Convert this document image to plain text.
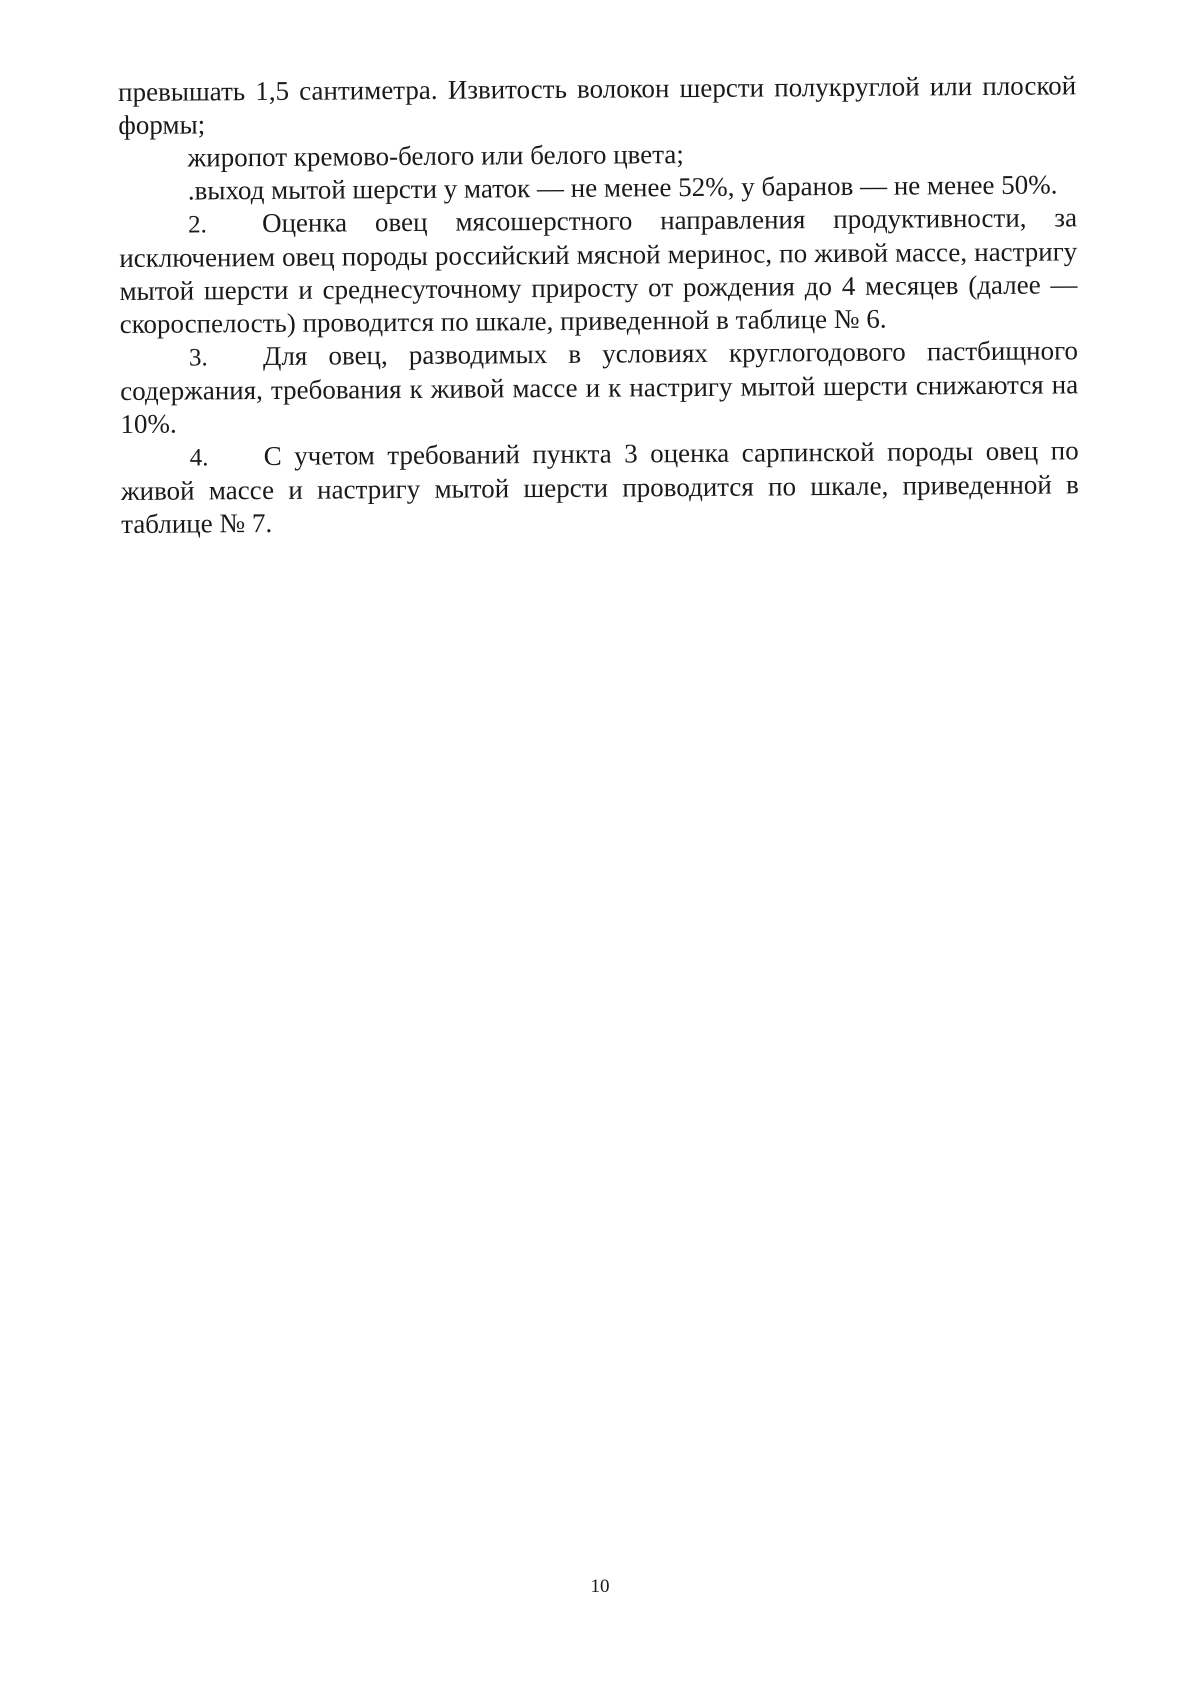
превышать 1,5 сантиметра. Извитость волокон шерсти полукруглой или плоской формы;

жиропот кремово-белого или белого цвета;

.выход мытой шерсти у маток — не менее 52%, у баранов — не менее 50%.

2. Оценка овец мясошерстного направления продуктивности, за исключением овец породы российский мясной меринос, по живой массе, настригу мытой шерсти и среднесуточному приросту от рождения до 4 месяцев (далее — скороспелость) проводится по шкале, приведенной в таблице № 6.

3. Для овец, разводимых в условиях круглогодового пастбищного содержания, требования к живой массе и к настригу мытой шерсти снижаются на 10%.

4. С учетом требований пункта 3 оценка сарпинской породы овец по живой массе и настригу мытой шерсти проводится по шкале, приведенной в таблице № 7.

10
